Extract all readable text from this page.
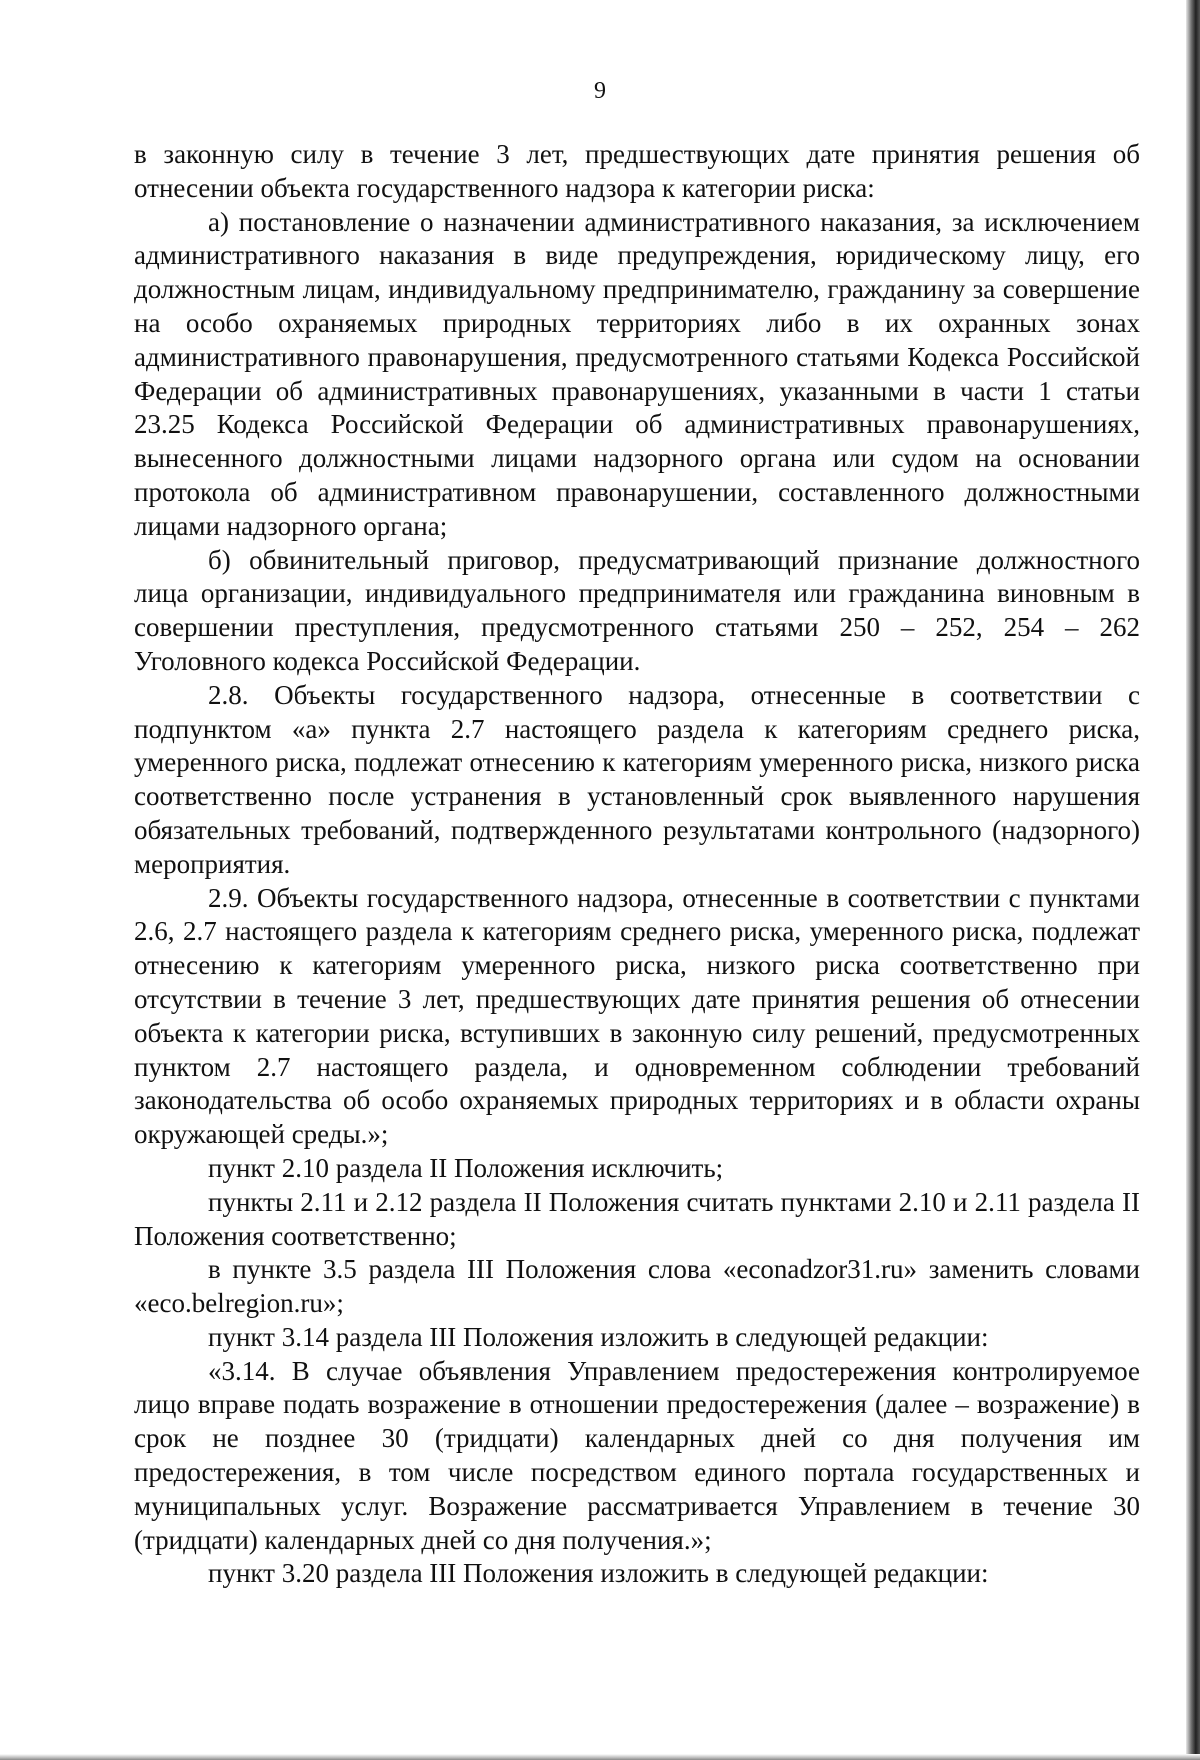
9

в законную силу в течение 3 лет, предшествующих дате принятия решения об отнесении объекта государственного надзора к категории риска:

а) постановление о назначении административного наказания, за исключением административного наказания в виде предупреждения, юридическому лицу, его должностным лицам, индивидуальному предпринимателю, гражданину за совершение на особо охраняемых природных территориях либо в их охранных зонах административного правонарушения, предусмотренного статьями Кодекса Российской Федерации об административных правонарушениях, указанными в части 1 статьи 23.25 Кодекса Российской Федерации об административных правонарушениях, вынесенного должностными лицами надзорного органа или судом на основании протокола об административном правонарушении, составленного должностными лицами надзорного органа;

б) обвинительный приговор, предусматривающий признание должностного лица организации, индивидуального предпринимателя или гражданина виновным в совершении преступления, предусмотренного статьями 250 – 252, 254 – 262 Уголовного кодекса Российской Федерации.

2.8. Объекты государственного надзора, отнесенные в соответствии с подпунктом «а» пункта 2.7 настоящего раздела к категориям среднего риска, умеренного риска, подлежат отнесению к категориям умеренного риска, низкого риска соответственно после устранения в установленный срок выявленного нарушения обязательных требований, подтвержденного результатами контрольного (надзорного) мероприятия.

2.9. Объекты государственного надзора, отнесенные в соответствии с пунктами 2.6, 2.7 настоящего раздела к категориям среднего риска, умеренного риска, подлежат отнесению к категориям умеренного риска, низкого риска соответственно при отсутствии в течение 3 лет, предшествующих дате принятия решения об отнесении объекта к категории риска, вступивших в законную силу решений, предусмотренных пунктом 2.7 настоящего раздела, и одновременном соблюдении требований законодательства об особо охраняемых природных территориях и в области охраны окружающей среды.»;

пункт 2.10 раздела II Положения исключить;

пункты 2.11 и 2.12 раздела II Положения считать пунктами 2.10 и 2.11 раздела II Положения соответственно;

в пункте 3.5 раздела III Положения слова «econadzor31.ru» заменить словами «eco.belregion.ru»;

пункт 3.14 раздела III Положения изложить в следующей редакции:

«3.14. В случае объявления Управлением предостережения контролируемое лицо вправе подать возражение в отношении предостережения (далее – возражение) в срок не позднее 30 (тридцати) календарных дней со дня получения им предостережения, в том числе посредством единого портала государственных и муниципальных услуг. Возражение рассматривается Управлением в течение 30 (тридцати) календарных дней со дня получения.»;

пункт 3.20 раздела III Положения изложить в следующей редакции:
